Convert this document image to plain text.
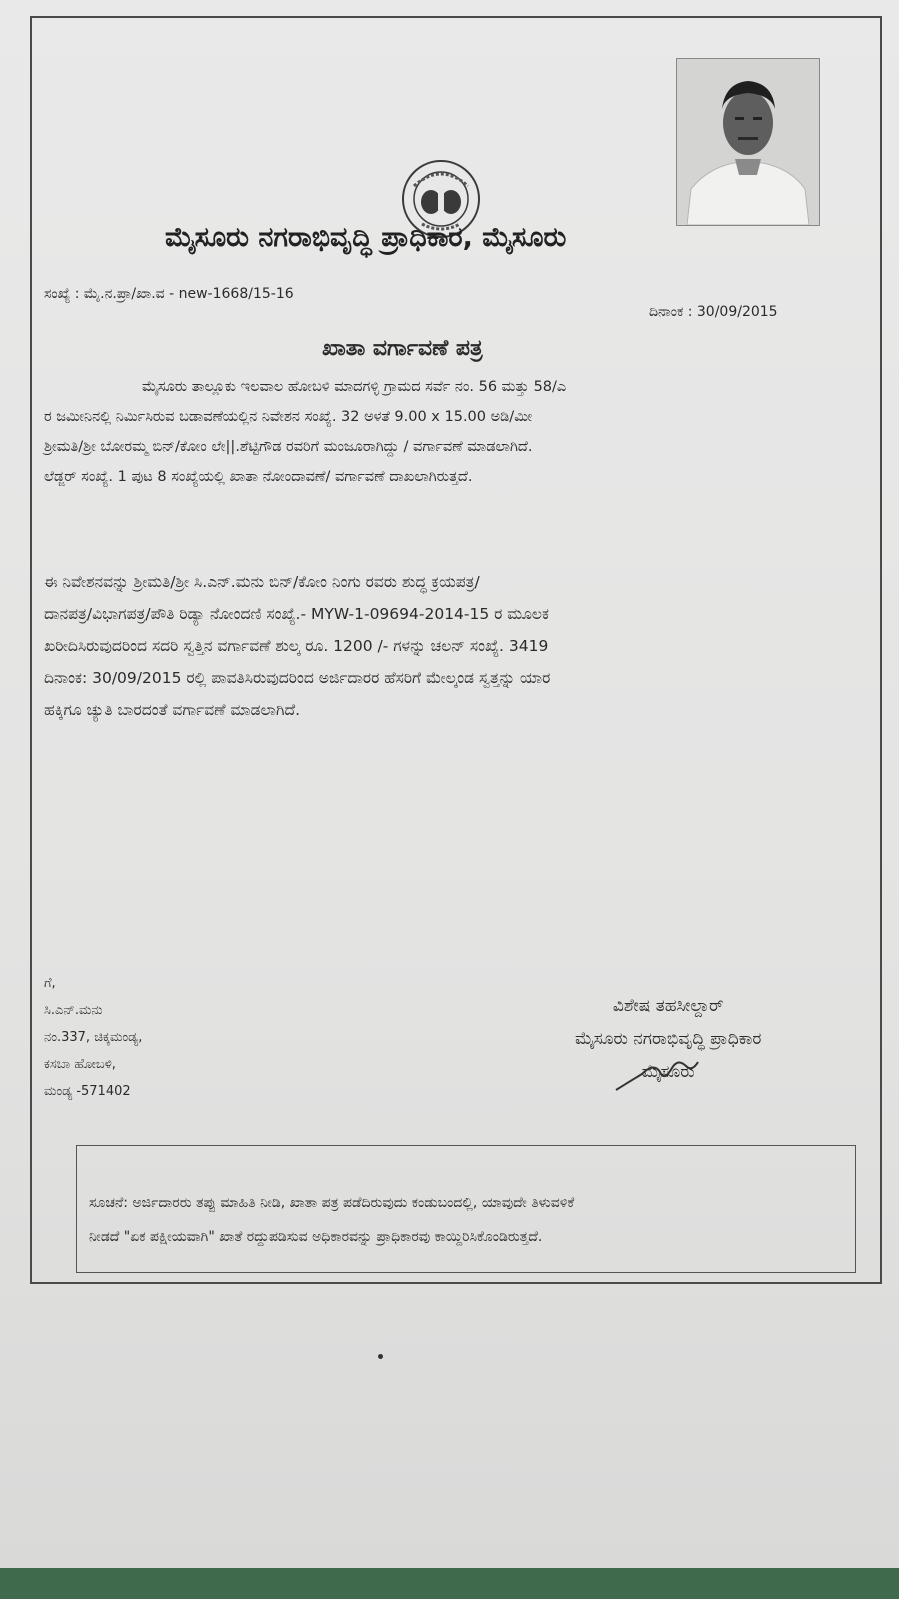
ಮೈಸೂರು ನಗರಾಭಿವೃದ್ಧಿ ಪ್ರಾಧಿಕಾರ, ಮೈಸೂರು
ಸಂಖ್ಯೆ : ಮೈ.ನ.ಪ್ರಾ/ಖಾ.ವ - new-1668/15-16
ದಿನಾಂಕ : 30/09/2015
ಖಾತಾ ವರ್ಗಾವಣೆ ಪತ್ರ
ಮೈಸೂರು ತಾಲ್ಲೂಕು ಇಲವಾಲ ಹೋಬಳಿ ಮಾದಗಳ್ಳಿ ಗ್ರಾಮದ ಸರ್ವೆ ನಂ. 56 ಮತ್ತು 58/ಎ
ರ ಜಮೀನಿನಲ್ಲಿ ನಿರ್ಮಿಸಿರುವ ಬಡಾವಣೆಯಲ್ಲಿನ ನಿವೇಶನ ಸಂಖ್ಯೆ. 32 ಅಳತೆ 9.00 x 15.00 ಅಡಿ/ಮೀ
ಶ್ರೀಮತಿ/ಶ್ರೀ ಬೋರಮ್ಮ ಬಿನ್/ಕೋಂ ಲೇ||.ಶೆಟ್ಟಿಗೌಡ ರವರಿಗೆ ಮಂಜೂರಾಗಿದ್ದು / ವರ್ಗಾವಣೆ ಮಾಡಲಾಗಿದೆ.
ಲೆಡ್ಜರ್ ಸಂಖ್ಯೆ. 1 ಪುಟ 8 ಸಂಖ್ಯೆಯಲ್ಲಿ ಖಾತಾ ನೋಂದಾವಣೆ/ ವರ್ಗಾವಣೆ ದಾಖಲಾಗಿರುತ್ತದೆ.
ಈ ನಿವೇಶನವನ್ನು ಶ್ರೀಮತಿ/ಶ್ರೀ ಸಿ.ಎನ್.ಮನು ಬಿನ್/ಕೋಂ ನಿಂಗು ರವರು ಶುದ್ಧ ಕ್ರಯಪತ್ರ/
ದಾನಪತ್ರ/ವಿಭಾಗಪತ್ರ/ಪೌತಿ ರಿಡ್ಯಾ ನೋಂದಣಿ ಸಂಖ್ಯೆ.- MYW-1-09694-2014-15 ರ ಮೂಲಕ
ಖರೀದಿಸಿರುವುದರಿಂದ ಸದರಿ ಸ್ವತ್ತಿನ ವರ್ಗಾವಣೆ ಶುಲ್ಕ ರೂ. 1200 /- ಗಳನ್ನು ಚಲನ್ ಸಂಖ್ಯೆ. 3419
ದಿನಾಂಕ: 30/09/2015 ರಲ್ಲಿ ಪಾವತಿಸಿರುವುದರಿಂದ ಅರ್ಜಿದಾರರ ಹೆಸರಿಗೆ ಮೇಲ್ಕಂಡ ಸ್ವತ್ತನ್ನು ಯಾರ
ಹಕ್ಕಿಗೂ ಚ್ಯುತಿ ಬಾರದಂತೆ ವರ್ಗಾವಣೆ ಮಾಡಲಾಗಿದೆ.
ಗೆ,
ಸಿ.ಎನ್.ಮನು
ನಂ.337, ಚಿಕ್ಕಮಂಡ್ಯ,
ಕಸಬಾ ಹೋಬಳಿ,
ಮಂಡ್ಯ -571402
ವಿಶೇಷ ತಹಸೀಲ್ದಾರ್
ಮೈಸೂರು ನಗರಾಭಿವೃದ್ಧಿ ಪ್ರಾಧಿಕಾರ
ಮೈಸೂರು
ಸೂಚನೆ: ಅರ್ಜಿದಾರರು ತಪ್ಪು ಮಾಹಿತಿ ನೀಡಿ, ಖಾತಾ ಪತ್ರ ಪಡೆದಿರುವುದು ಕಂಡುಬಂದಲ್ಲಿ, ಯಾವುದೇ ತಿಳುವಳಿಕೆ
ನೀಡದೆ "ಏಕ ಪಕ್ಷೀಯವಾಗಿ" ಖಾತೆ ರದ್ದುಪಡಿಸುವ ಅಧಿಕಾರವನ್ನು ಪ್ರಾಧಿಕಾರವು ಕಾಯ್ದಿರಿಸಿಕೊಂಡಿರುತ್ತದೆ.
